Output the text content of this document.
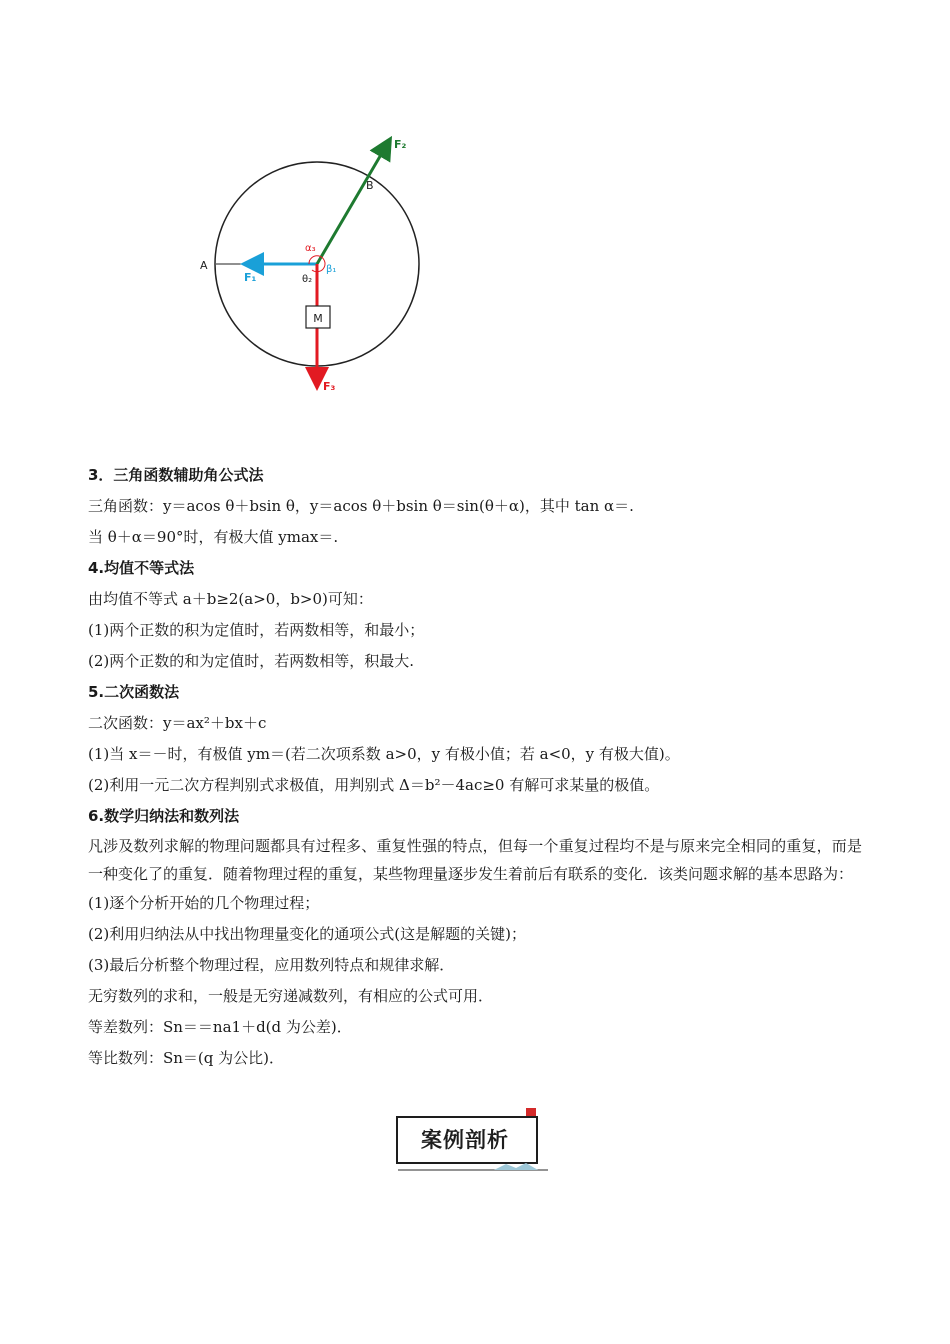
M
A
B
F₁
F₂
F₃
α₃
β₁
θ₂
3．三角函数辅助角公式法
三角函数：y＝acos θ＋bsin θ，y＝acos θ＋bsin θ＝sin(θ＋α)，其中 tan α＝.
当 θ＋α＝90°时，有极大值 ymax＝.
4.均值不等式法
由均值不等式 a＋b≥2(a>0，b>0)可知：
(1)两个正数的积为定值时，若两数相等，和最小；
(2)两个正数的和为定值时，若两数相等，积最大.
5.二次函数法
二次函数：y＝ax²＋bx＋c
(1)当 x＝－时，有极值 ym＝(若二次项系数 a>0，y 有极小值；若 a<0，y 有极大值)。
(2)利用一元二次方程判别式求极值，用判别式 Δ＝b²－4ac≥0 有解可求某量的极值。
6.数学归纳法和数列法
凡涉及数列求解的物理问题都具有过程多、重复性强的特点，但每一个重复过程均不是与原来完全相同的重复，而是一种变化了的重复．随着物理过程的重复，某些物理量逐步发生着前后有联系的变化．该类问题求解的基本思路为：
(1)逐个分析开始的几个物理过程；
(2)利用归纳法从中找出物理量变化的通项公式(这是解题的关键)；
(3)最后分析整个物理过程，应用数列特点和规律求解．
无穷数列的求和，一般是无穷递减数列，有相应的公式可用．
等差数列：Sn＝＝na1＋d(d 为公差)．
等比数列：Sn＝(q 为公比)．
案例剖析
